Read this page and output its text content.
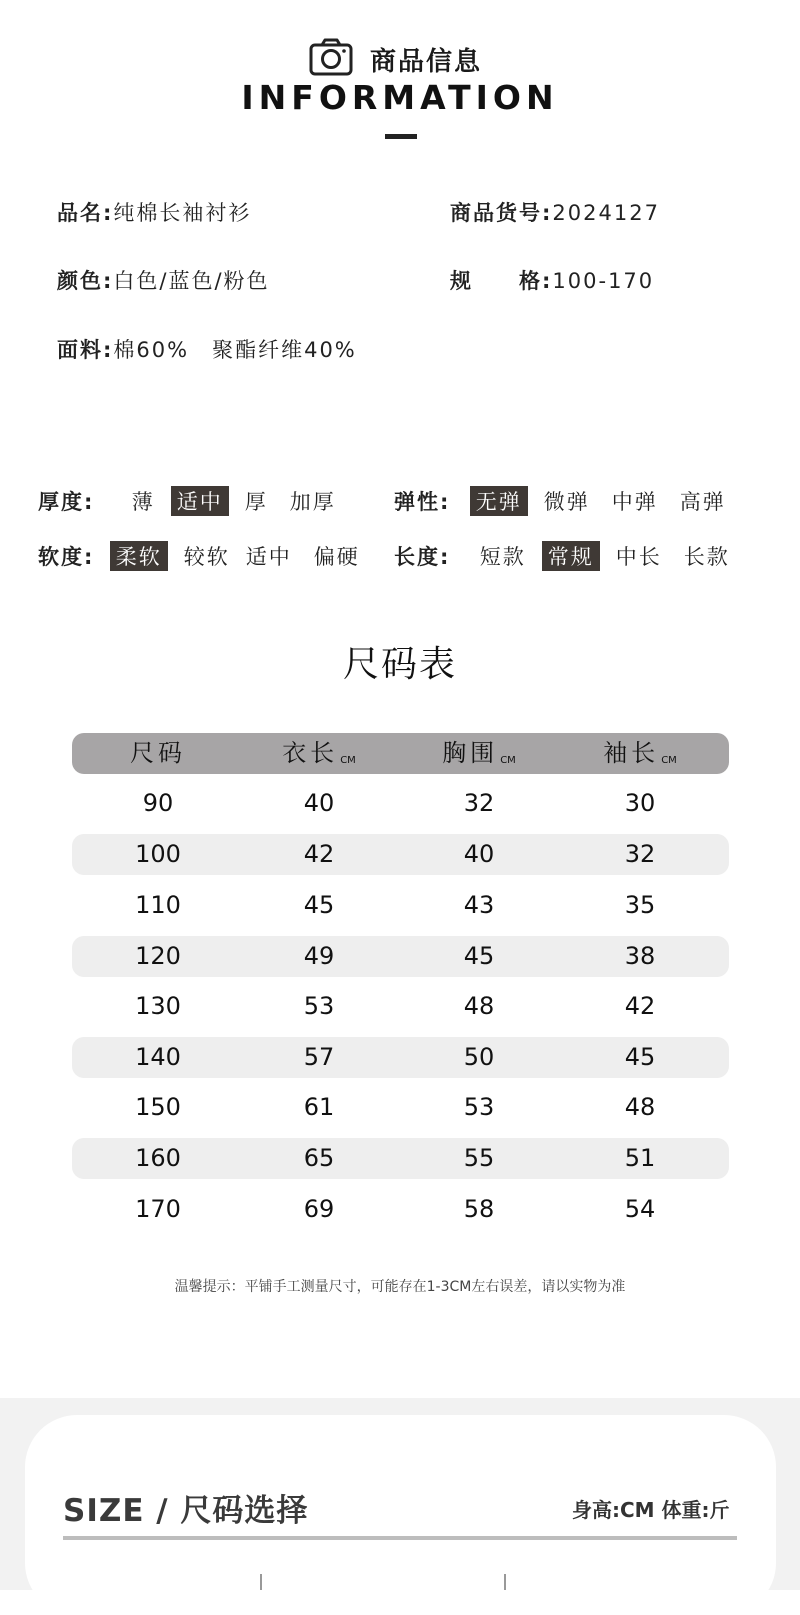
商品信息
INFORMATION
品名:纯棉长袖衬衫	商品货号:2024127
颜色:白色/蓝色/粉色	规　　格:100-170
面料:棉60%　聚酯纤维40%
厚度: 薄 适中 厚 加厚	弹性: 无弹 微弹 中弹 高弹
软度: 柔软 较软 适中 偏硬	长度: 短款 常规 中长 长款
尺码表
尺码	衣长 CM	胸围 CM	袖长 CM
90	40	32	30
100	42	40	32
110	45	43	35
120	49	45	38
130	53	48	42
140	57	50	45
150	61	53	48
160	65	55	51
170	69	58	54
温馨提示：平铺手工测量尺寸，可能存在1-3CM左右误差，请以实物为准
SIZE / 尺码选择	身高:CM 体重:斤
